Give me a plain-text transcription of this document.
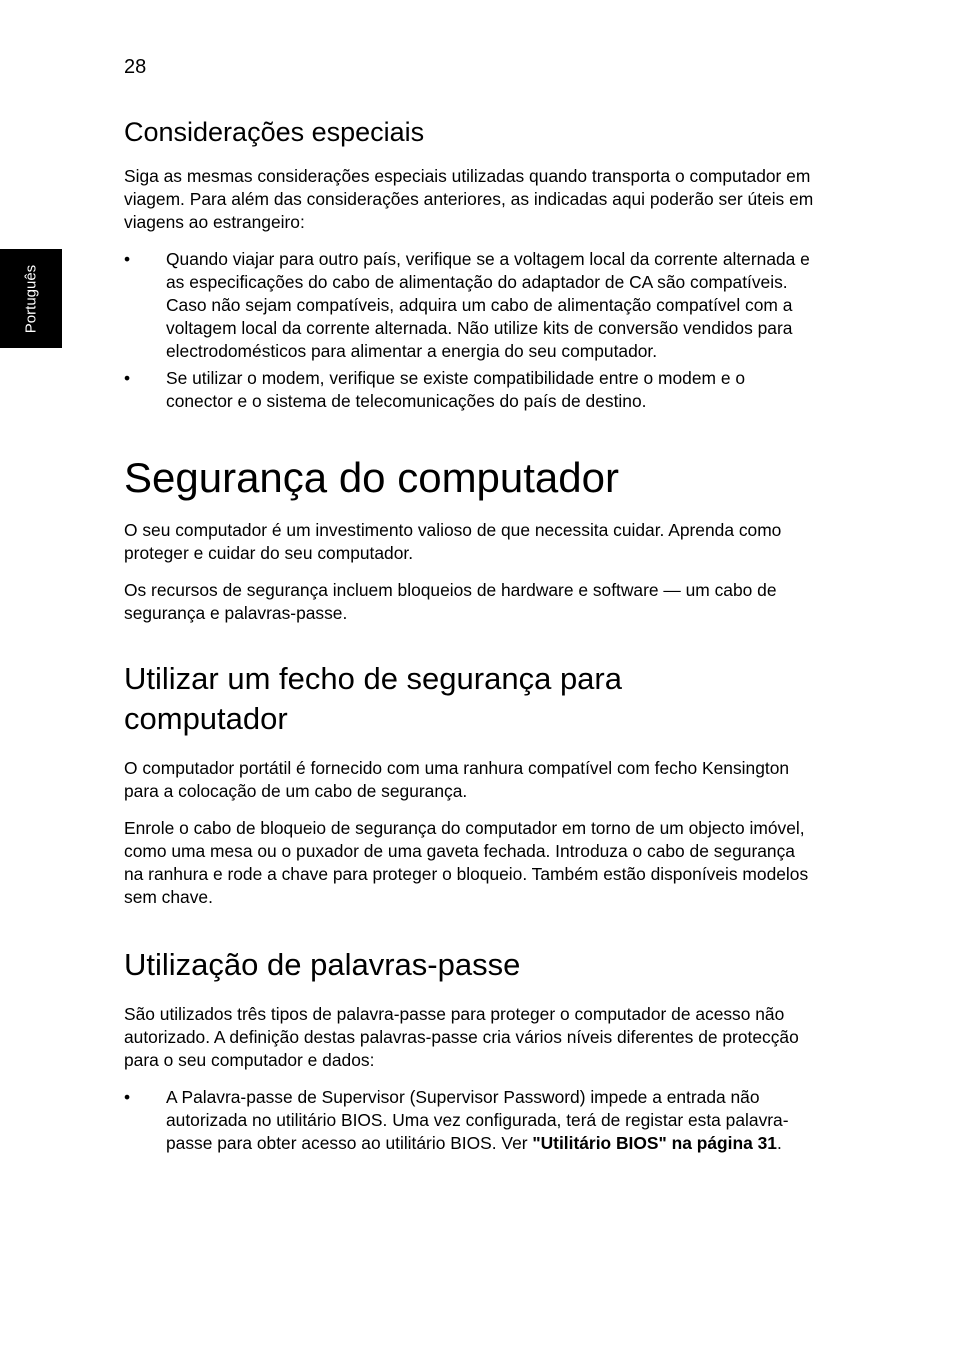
28
Português
Considerações especiais

Siga as mesmas considerações especiais utilizadas quando transporta o computador em viagem. Para além das considerações anteriores, as indicadas aqui poderão ser úteis em viagens ao estrangeiro:

• Quando viajar para outro país, verifique se a voltagem local da corrente alternada e as especificações do cabo de alimentação do adaptador de CA são compatíveis. Caso não sejam compatíveis, adquira um cabo de alimentação compatível com a voltagem local da corrente alternada. Não utilize kits de conversão vendidos para electrodomésticos para alimentar a energia do seu computador.
• Se utilizar o modem, verifique se existe compatibilidade entre o modem e o conector e o sistema de telecomunicações do país de destino.
Segurança do computador

O seu computador é um investimento valioso de que necessita cuidar. Aprenda como proteger e cuidar do seu computador.

Os recursos de segurança incluem bloqueios de hardware e software — um cabo de segurança e palavras-passe.

Utilizar um fecho de segurança para
computador

O computador portátil é fornecido com uma ranhura compatível com fecho Kensington para a colocação de um cabo de segurança.

Enrole o cabo de bloqueio de segurança do computador em torno de um objecto imóvel, como uma mesa ou o puxador de uma gaveta fechada. Introduza o cabo de segurança na ranhura e rode a chave para proteger o bloqueio. Também estão disponíveis modelos sem chave.

Utilização de palavras-passe

São utilizados três tipos de palavra-passe para proteger o computador de acesso não autorizado. A definição destas palavras-passe cria vários níveis diferentes de protecção para o seu computador e dados:

• A Palavra-passe de Supervisor (Supervisor Password) impede a entrada não autorizada no utilitário BIOS. Uma vez configurada, terá de registar esta palavra-passe para obter acesso ao utilitário BIOS. Ver "Utilitário BIOS" na página 31.
